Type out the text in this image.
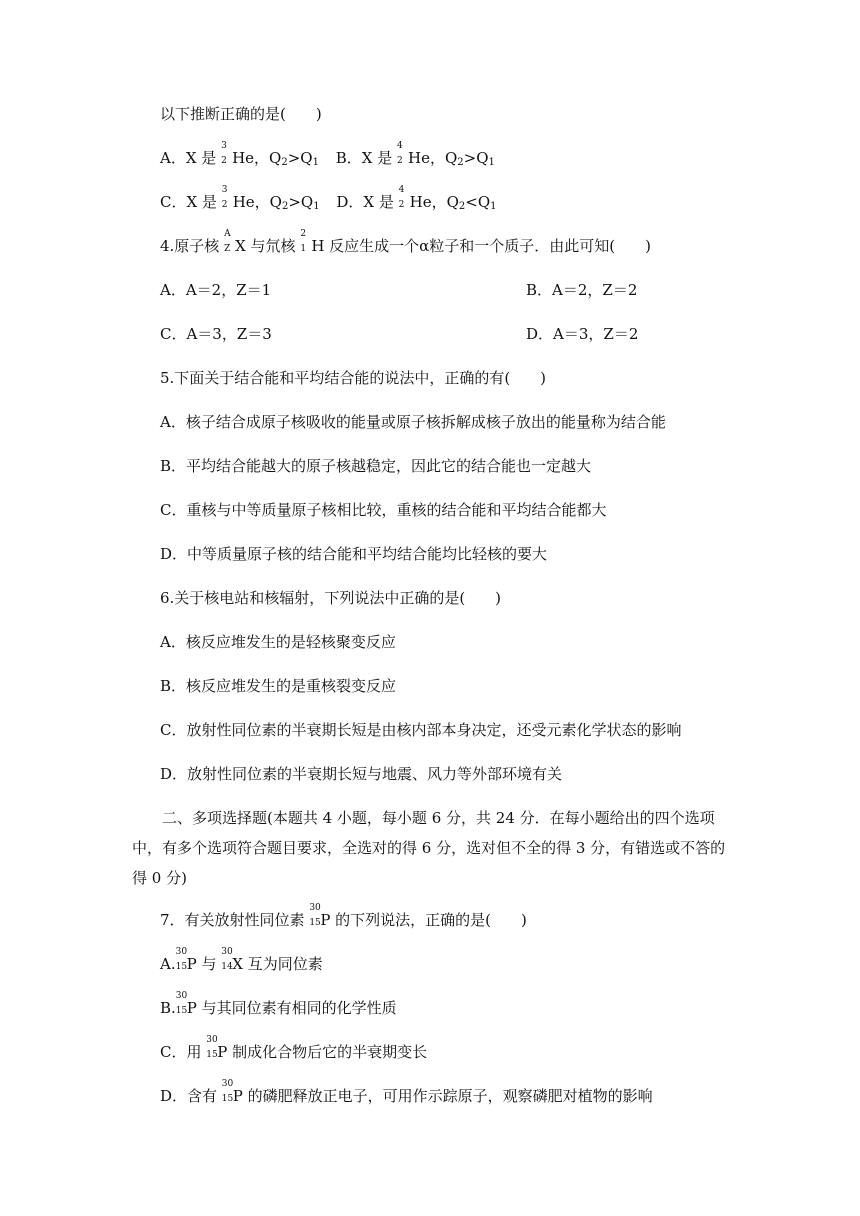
以下推断正确的是(　　)
A．X 是
3
2 He，$Q_2>Q_1$ B．X 是
4
2 He，$Q_2>Q_1$
C．X 是
3
2 He，$Q_2>Q_1$ D．X 是
4
2 He，$Q_2<Q_1$
4.原子核
A
Z X 与氘核
2
1 H 反应生成一个α粒子和一个质子．由此可知(　　)
A．A＝2，Z＝1	B．A＝2，Z＝2
C．A＝3，Z＝3	D．A＝3，Z＝2
5.下面关于结合能和平均结合能的说法中，正确的有(　　)
A．核子结合成原子核吸收的能量或原子核拆解成核子放出的能量称为结合能
B．平均结合能越大的原子核越稳定，因此它的结合能也一定越大
C．重核与中等质量原子核相比较，重核的结合能和平均结合能都大
D．中等质量原子核的结合能和平均结合能均比轻核的要大
6.关于核电站和核辐射，下列说法中正确的是(　　)
A．核反应堆发生的是轻核聚变反应
B．核反应堆发生的是重核裂变反应
C．放射性同位素的半衰期长短是由核内部本身决定，还受元素化学状态的影响
D．放射性同位素的半衰期长短与地震、风力等外部环境有关
　　二、多项选择题(本题共 4 小题，每小题 6 分，共 24 分．在每小题给出的四个选项中，有多个选项符合题目要求，全选对的得 6 分，选对但不全的得 3 分，有错选或不答的得 0 分)
7．有关放射性同位素
30
15 P 的下列说法，正确的是(　　)
A.
30
15 P 与
30
14 X 互为同位素
B.
30
15 P 与其同位素有相同的化学性质
C．用
30
15 P 制成化合物后它的半衰期变长
D．含有
30
15 P 的磷肥释放正电子，可用作示踪原子，观察磷肥对植物的影响
